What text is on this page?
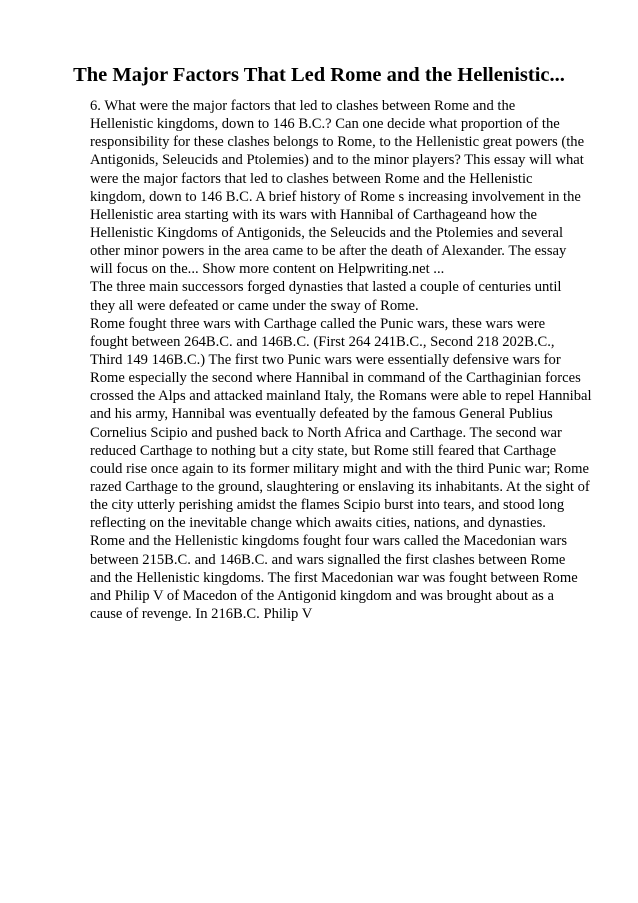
The Major Factors That Led Rome and the Hellenistic...
6. What were the major factors that led to clashes between Rome and the
Hellenistic kingdoms, down to 146 B.C.? Can one decide what proportion of the
responsibility for these clashes belongs to Rome, to the Hellenistic great powers (the
Antigonids, Seleucids and Ptolemies) and to the minor players? This essay will what
were the major factors that led to clashes between Rome and the Hellenistic
kingdom, down to 146 B.C. A brief history of Rome s increasing involvement in the
Hellenistic area starting with its wars with Hannibal of Carthageand how the
Hellenistic Kingdoms of Antigonids, the Seleucids and the Ptolemies and several
other minor powers in the area came to be after the death of Alexander. The essay
will focus on the... Show more content on Helpwriting.net ...
The three main successors forged dynasties that lasted a couple of centuries until
they all were defeated or came under the sway of Rome.
Rome fought three wars with Carthage called the Punic wars, these wars were
fought between 264B.C. and 146B.C. (First 264 241B.C., Second 218 202B.C.,
Third 149 146B.C.) The first two Punic wars were essentially defensive wars for
Rome especially the second where Hannibal in command of the Carthaginian forces
crossed the Alps and attacked mainland Italy, the Romans were able to repel Hannibal
and his army, Hannibal was eventually defeated by the famous General Publius
Cornelius Scipio and pushed back to North Africa and Carthage. The second war
reduced Carthage to nothing but a city state, but Rome still feared that Carthage
could rise once again to its former military might and with the third Punic war; Rome
razed Carthage to the ground, slaughtering or enslaving its inhabitants. At the sight of
the city utterly perishing amidst the flames Scipio burst into tears, and stood long
reflecting on the inevitable change which awaits cities, nations, and dynasties.
Rome and the Hellenistic kingdoms fought four wars called the Macedonian wars
between 215B.C. and 146B.C. and wars signalled the first clashes between Rome
and the Hellenistic kingdoms. The first Macedonian war was fought between Rome
and Philip V of Macedon of the Antigonid kingdom and was brought about as a
cause of revenge. In 216B.C. Philip V
